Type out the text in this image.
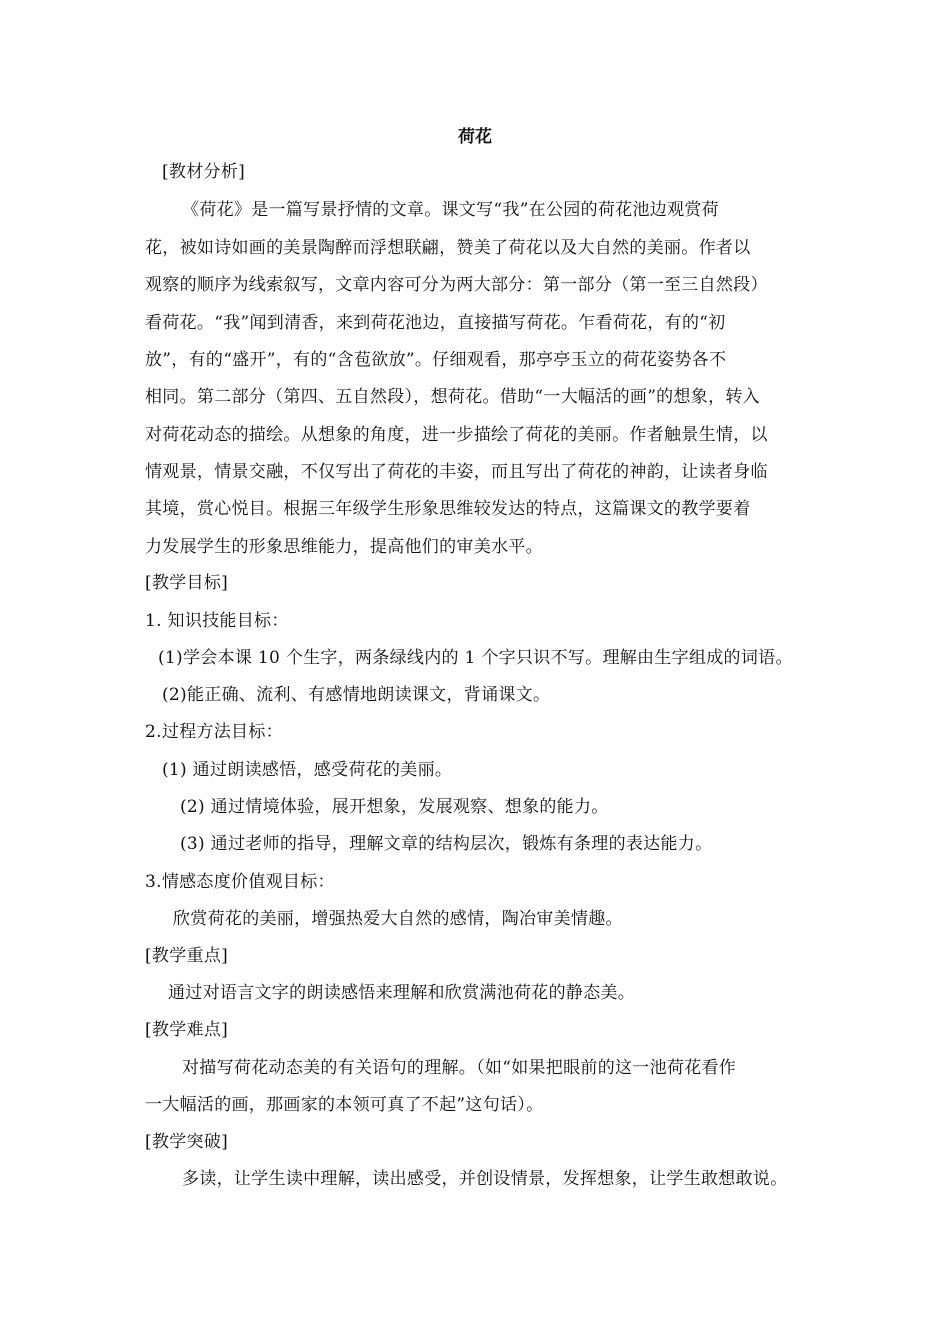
荷花
[教材分析]
《荷花》是一篇写景抒情的文章。课文写“我”在公园的荷花池边观赏荷
花，被如诗如画的美景陶醉而浮想联翩，赞美了荷花以及大自然的美丽。作者以
观察的顺序为线索叙写，文章内容可分为两大部分：第一部分（第一至三自然段）
看荷花。“我”闻到清香，来到荷花池边，直接描写荷花。乍看荷花，有的“初
放”，有的“盛开”，有的“含苞欲放”。仔细观看，那亭亭玉立的荷花姿势各不
相同。第二部分（第四、五自然段），想荷花。借助“一大幅活的画”的想象，转入
对荷花动态的描绘。从想象的角度，进一步描绘了荷花的美丽。作者触景生情，以
情观景，情景交融，不仅写出了荷花的丰姿，而且写出了荷花的神韵，让读者身临
其境，赏心悦目。根据三年级学生形象思维较发达的特点，这篇课文的教学要着
力发展学生的形象思维能力，提高他们的审美水平。
[教学目标]
1. 知识技能目标：
(1)学会本课 10 个生字，两条绿线内的 1 个字只识不写。理解由生字组成的词语。
(2)能正确、流利、有感情地朗读课文，背诵课文。
2.过程方法目标：
(1) 通过朗读感悟，感受荷花的美丽。
(2) 通过情境体验，展开想象，发展观察、想象的能力。
(3) 通过老师的指导，理解文章的结构层次，锻炼有条理的表达能力。
3.情感态度价值观目标：
欣赏荷花的美丽，增强热爱大自然的感情，陶冶审美情趣。
[教学重点]
通过对语言文字的朗读感悟来理解和欣赏满池荷花的静态美。
[教学难点]
对描写荷花动态美的有关语句的理解。（如“如果把眼前的这一池荷花看作
一大幅活的画，那画家的本领可真了不起”这句话）。
[教学突破]
多读，让学生读中理解，读出感受，并创设情景，发挥想象，让学生敢想敢说。
